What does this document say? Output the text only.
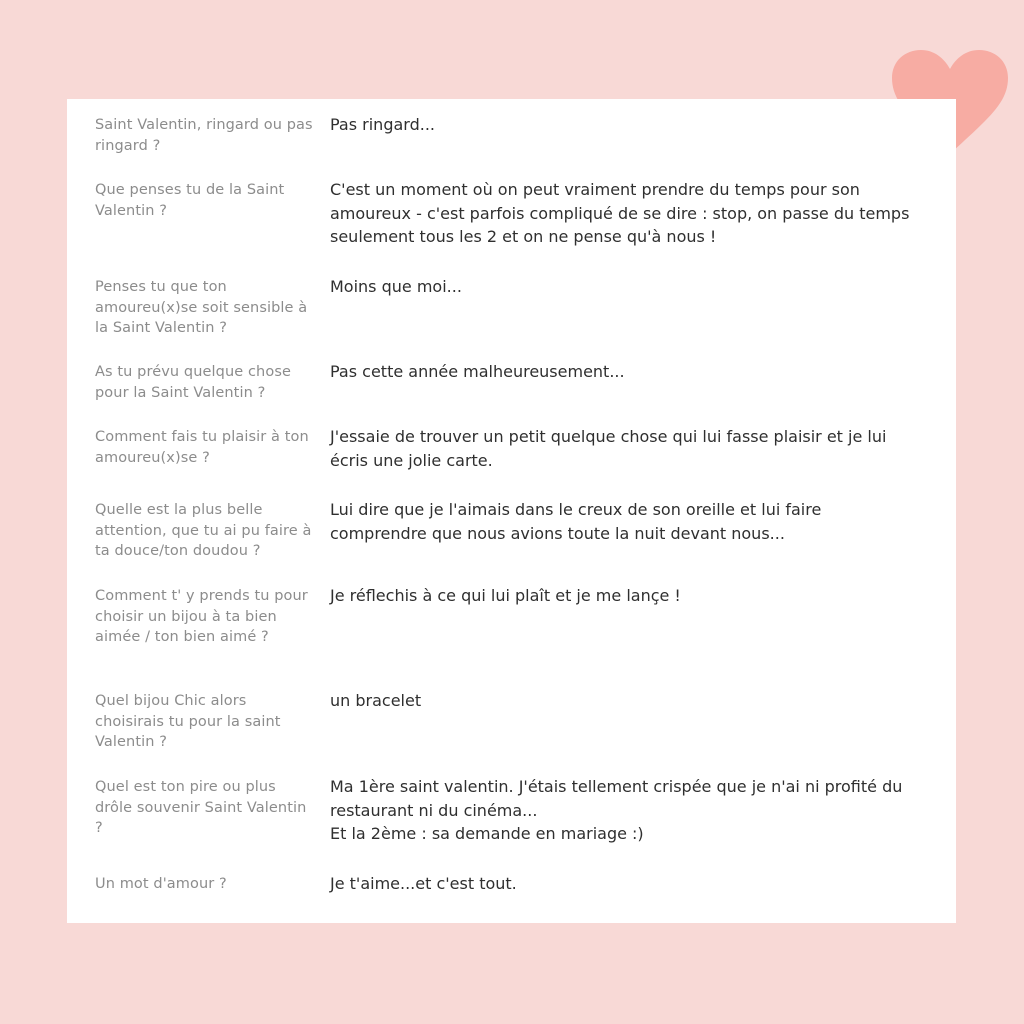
Saint Valentin, ringard ou pas ringard ?
Pas ringard...
Que penses tu de la Saint Valentin ?
C'est un moment où on peut vraiment prendre du temps pour son amoureux - c'est parfois compliqué de se dire : stop, on passe du temps seulement tous les 2 et on ne pense qu'à nous !
Penses tu que ton amoureu(x)se soit sensible à la Saint Valentin ?
Moins que moi...
As tu prévu quelque chose pour la Saint Valentin ?
Pas cette année malheureusement...
Comment fais tu plaisir à ton amoureu(x)se ?
J'essaie de trouver un petit quelque chose qui lui fasse plaisir et je lui écris une jolie carte.
Quelle est la plus belle attention, que tu ai pu faire à ta douce/ton doudou ?
Lui dire que je l'aimais dans le creux de son oreille et lui faire comprendre que nous avions toute la nuit devant nous...
Comment t' y prends tu pour choisir un bijou à ta bien aimée / ton bien aimé ?
Je réflechis à ce qui lui plaît et je me lançe !
Quel bijou Chic alors choisirais tu pour la saint Valentin ?
un bracelet
Quel est ton pire ou plus drôle souvenir Saint Valentin ?
Ma 1ère saint valentin. J'étais tellement crispée que je n'ai ni profité du restaurant ni du cinéma...
Et la 2ème : sa demande en mariage :)
Un mot d'amour ?	Je t'aime...et c'est tout.
